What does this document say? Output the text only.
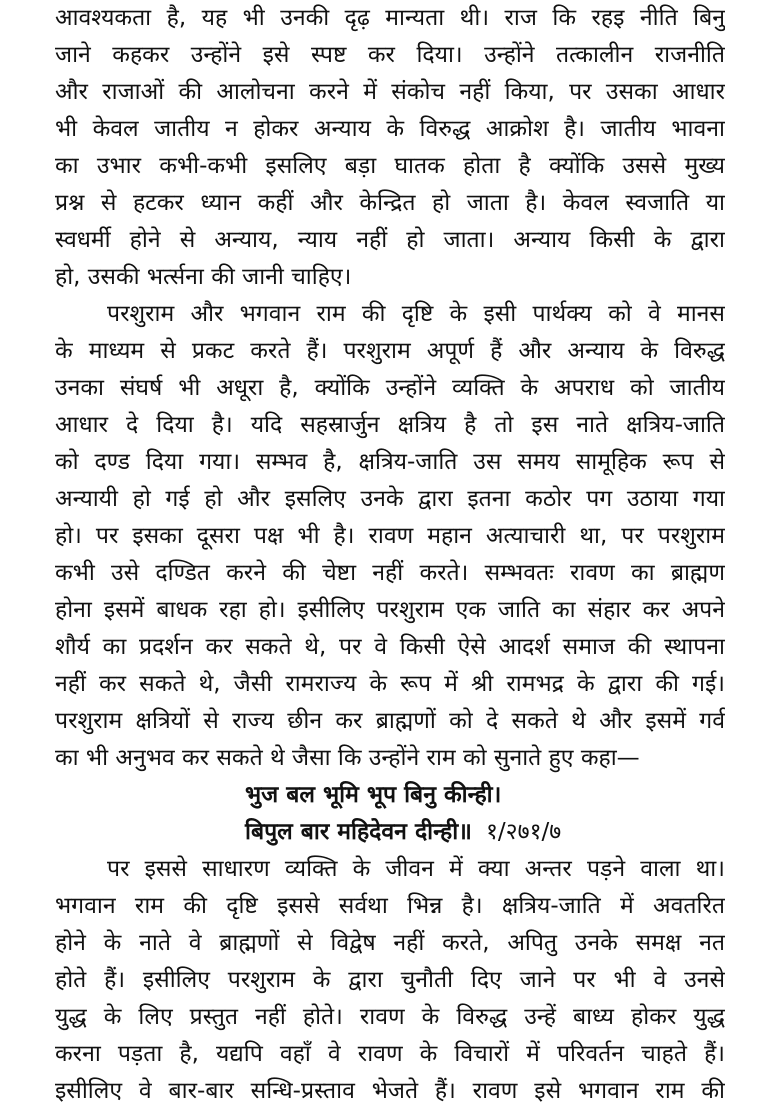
आवश्यकता है, यह भी उनकी दृढ़ मान्यता थी। राज कि रहइ नीति बिनु
जाने कहकर उन्होंने इसे स्पष्ट कर दिया। उन्होंने तत्कालीन राजनीति
और राजाओं की आलोचना करने में संकोच नहीं किया, पर उसका आधार
भी केवल जातीय न होकर अन्याय के विरुद्ध आक्रोश है। जातीय भावना
का उभार कभी-कभी इसलिए बड़ा घातक होता है क्योंकि उससे मुख्य
प्रश्न से हटकर ध्यान कहीं और केन्द्रित हो जाता है। केवल स्वजाति या
स्वधर्मी होने से अन्याय, न्याय नहीं हो जाता। अन्याय किसी के द्वारा
हो, उसकी भर्त्सना की जानी चाहिए।
परशुराम और भगवान राम की दृष्टि के इसी पार्थक्य को वे मानस
के माध्यम से प्रकट करते हैं। परशुराम अपूर्ण हैं और अन्याय के विरुद्ध
उनका संघर्ष भी अधूरा है, क्योंकि उन्होंने व्यक्ति के अपराध को जातीय
आधार दे दिया है। यदि सहस्रार्जुन क्षत्रिय है तो इस नाते क्षत्रिय-जाति
को दण्ड दिया गया। सम्भव है, क्षत्रिय-जाति उस समय सामूहिक रूप से
अन्यायी हो गई हो और इसलिए उनके द्वारा इतना कठोर पग उठाया गया
हो। पर इसका दूसरा पक्ष भी है। रावण महान अत्याचारी था, पर परशुराम
कभी उसे दण्डित करने की चेष्टा नहीं करते। सम्भवतः रावण का ब्राह्मण
होना इसमें बाधक रहा हो। इसीलिए परशुराम एक जाति का संहार कर अपने
शौर्य का प्रदर्शन कर सकते थे, पर वे किसी ऐसे आदर्श समाज की स्थापना
नहीं कर सकते थे, जैसी रामराज्य के रूप में श्री रामभद्र के द्वारा की गई।
परशुराम क्षत्रियों से राज्य छीन कर ब्राह्मणों को दे सकते थे और इसमें गर्व
का भी अनुभव कर सकते थे जैसा कि उन्होंने राम को सुनाते हुए कहा—
भुज बल भूमि भूप बिनु कीन्ही।
बिपुल बार महिदेवन दीन्ही॥ १/२७१/७
पर इससे साधारण व्यक्ति के जीवन में क्या अन्तर पड़ने वाला था।
भगवान राम की दृष्टि इससे सर्वथा भिन्न है। क्षत्रिय-जाति में अवतरित
होने के नाते वे ब्राह्मणों से विद्वेष नहीं करते, अपितु उनके समक्ष नत
होते हैं। इसीलिए परशुराम के द्वारा चुनौती दिए जाने पर भी वे उनसे
युद्ध के लिए प्रस्तुत नहीं होते। रावण के विरुद्ध उन्हें बाध्य होकर युद्ध
करना पड़ता है, यद्यपि वहाँ वे रावण के विचारों में परिवर्तन चाहते हैं।
इसीलिए वे बार-बार सन्धि-प्रस्ताव भेजते हैं। रावण इसे भगवान राम की
